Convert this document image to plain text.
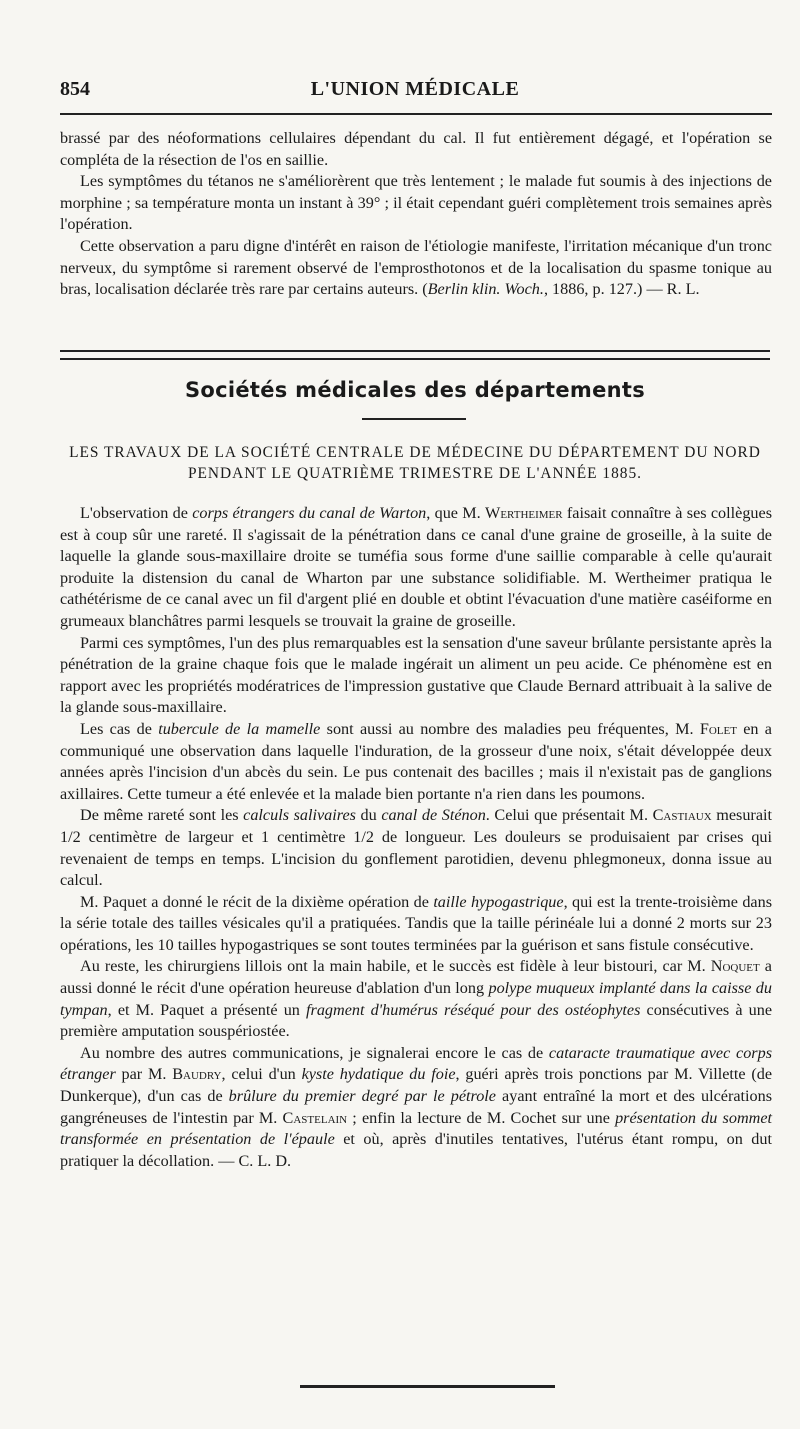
854	L'UNION MÉDICALE

brassé par des néoformations cellulaires dépendant du cal. Il fut entièrement dégagé, et l'opération se compléta de la résection de l'os en saillie.

Les symptômes du tétanos ne s'améliorèrent que très lentement ; le malade fut soumis à des injections de morphine ; sa température monta un instant à 39° ; il était cependant guéri complètement trois semaines après l'opération.

Cette observation a paru digne d'intérêt en raison de l'étiologie manifeste, l'irritation mécanique d'un tronc nerveux, du symptôme si rarement observé de l'emprosthotonos et de la localisation du spasme tonique au bras, localisation déclarée très rare par certains auteurs. (Berlin klin. Woch., 1886, p. 127.) — R. L.

Sociétés médicales des départements
LES TRAVAUX DE LA SOCIÉTÉ CENTRALE DE MÉDECINE DU DÉPARTEMENT DU NORD PENDANT LE QUATRIÈME TRIMESTRE DE L'ANNÉE 1885.

L'observation de corps étrangers du canal de Warton, que M. Wertheimer faisait connaître à ses collègues est à coup sûr une rareté. Il s'agissait de la pénétration dans ce canal d'une graine de groseille, à la suite de laquelle la glande sous-maxillaire droite se tuméfia sous forme d'une saillie comparable à celle qu'aurait produite la distension du canal de Wharton par une substance solidifiable. M. Wertheimer pratiqua le cathétérisme de ce canal avec un fil d'argent plié en double et obtint l'évacuation d'une matière caséiforme en grumeaux blanchâtres parmi lesquels se trouvait la graine de groseille.

Parmi ces symptômes, l'un des plus remarquables est la sensation d'une saveur brûlante persistante après la pénétration de la graine chaque fois que le malade ingérait un aliment un peu acide. Ce phénomène est en rapport avec les propriétés modératrices de l'impression gustative que Claude Bernard attribuait à la salive de la glande sous-maxillaire.

Les cas de tubercule de la mamelle sont aussi au nombre des maladies peu fréquentes, M. Folet en a communiqué une observation dans laquelle l'induration, de la grosseur d'une noix, s'était développée deux années après l'incision d'un abcès du sein. Le pus contenait des bacilles ; mais il n'existait pas de ganglions axillaires. Cette tumeur a été enlevée et la malade bien portante n'a rien dans les poumons.

De même rareté sont les calculs salivaires du canal de Sténon. Celui que présentait M. Castiaux mesurait 1/2 centimètre de largeur et 1 centimètre 1/2 de longueur. Les douleurs se produisaient par crises qui revenaient de temps en temps. L'incision du gonflement parotidien, devenu phlegmoneux, donna issue au calcul.

M. Paquet a donné le récit de la dixième opération de taille hypogastrique, qui est la trente-troisième dans la série totale des tailles vésicales qu'il a pratiquées. Tandis que la taille périnéale lui a donné 2 morts sur 23 opérations, les 10 tailles hypogastriques se sont toutes terminées par la guérison et sans fistule consécutive.

Au reste, les chirurgiens lillois ont la main habile, et le succès est fidèle à leur bistouri, car M. Noquet a aussi donné le récit d'une opération heureuse d'ablation d'un long polype muqueux implanté dans la caisse du tympan, et M. Paquet a présenté un fragment d'humérus réséqué pour des ostéophytes consécutives à une première amputation souspériostée.

Au nombre des autres communications, je signalerai encore le cas de cataracte traumatique avec corps étranger par M. Baudry, celui d'un kyste hydatique du foie, guéri après trois ponctions par M. Villette (de Dunkerque), d'un cas de brûlure du premier degré par le pétrole ayant entraîné la mort et des ulcérations gangréneuses de l'intestin par M. Castelain ; enfin la lecture de M. Cochet sur une présentation du sommet transformée en présentation de l'épaule et où, après d'inutiles tentatives, l'utérus étant rompu, on dut pratiquer la décollation. — C. L. D.
